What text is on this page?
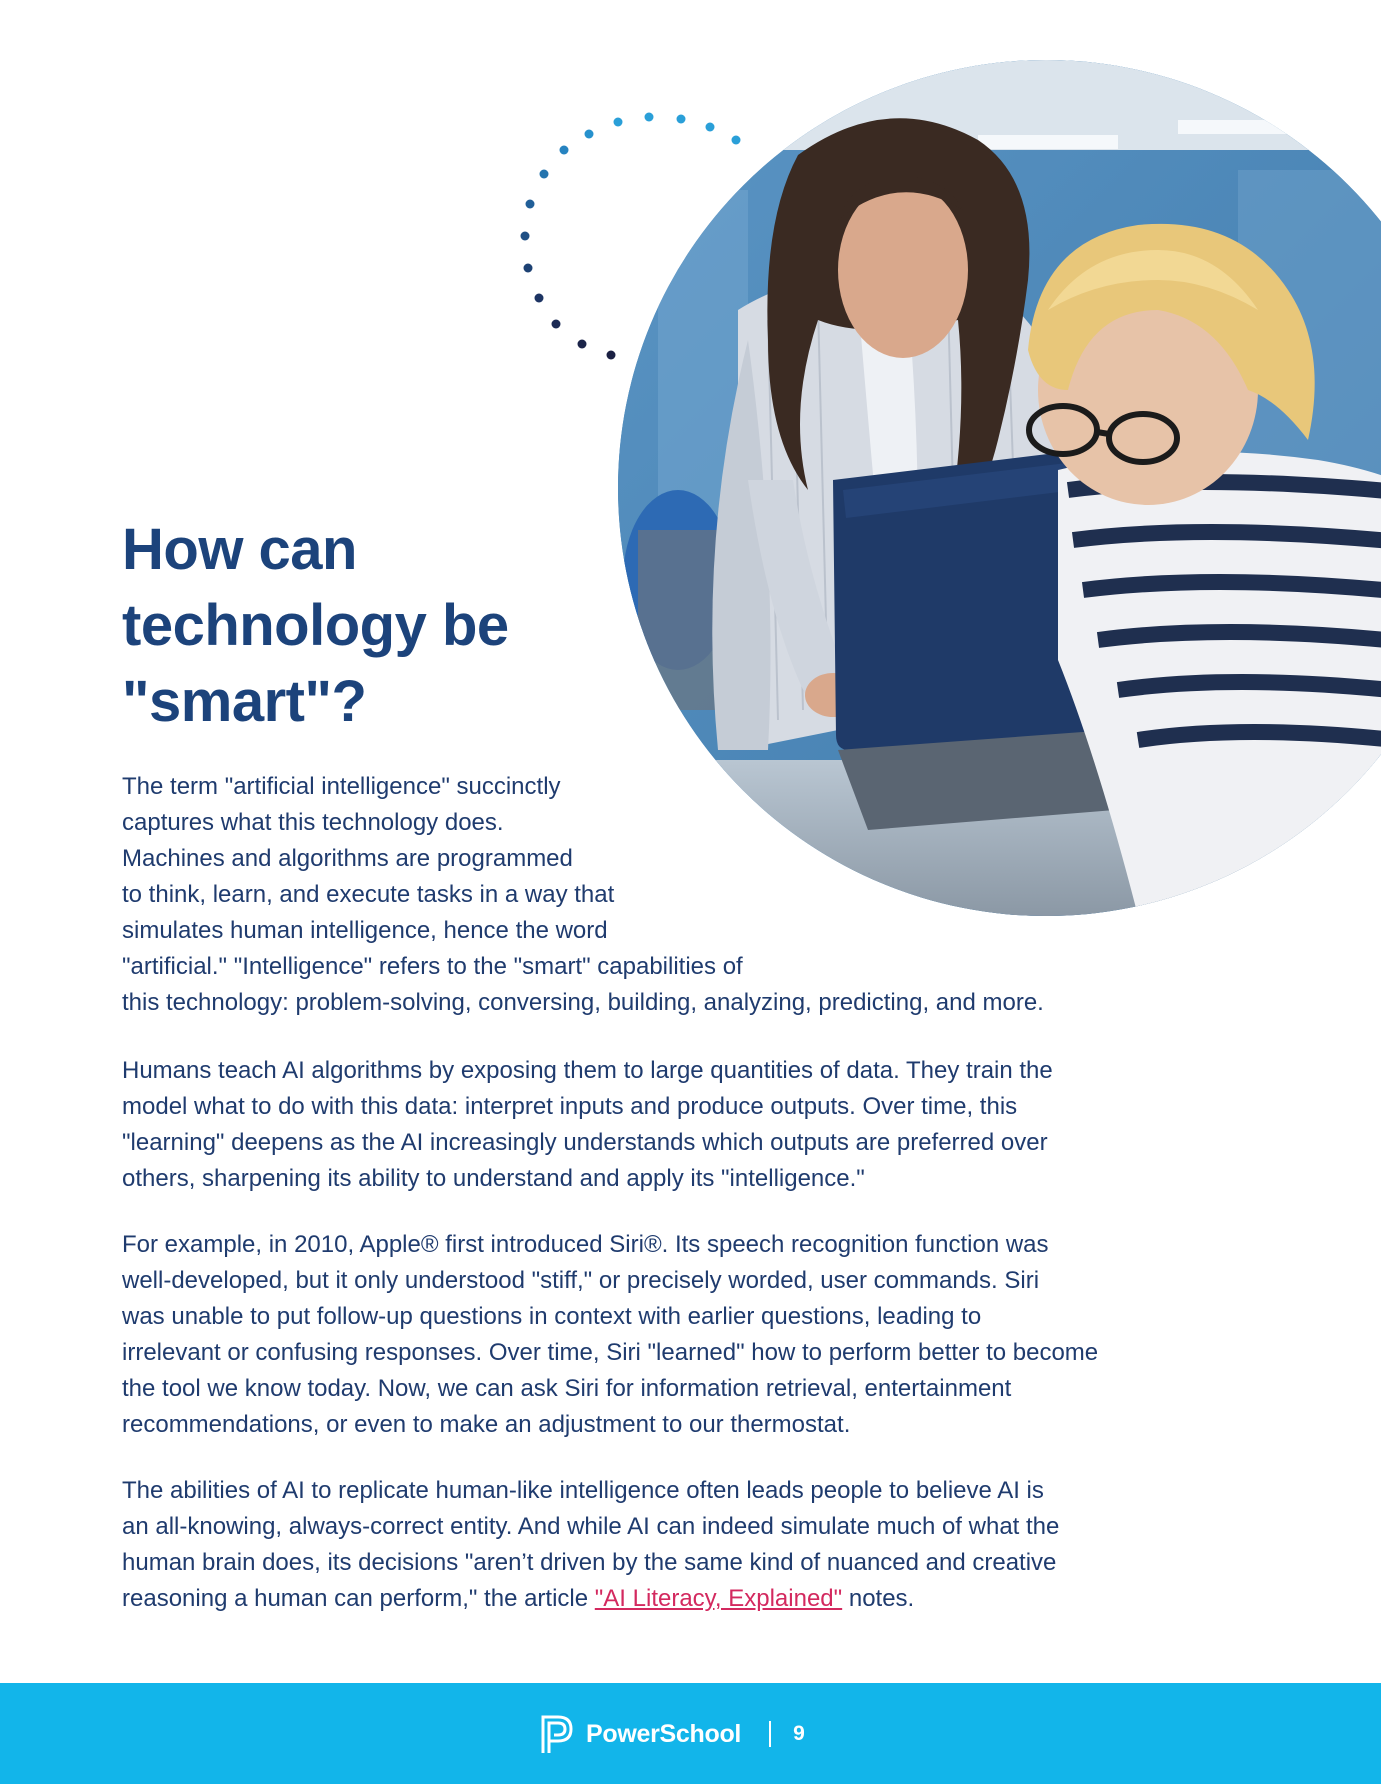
How can
technology be
"smart"?

The term "artificial intelligence" succinctly
captures what this technology does.
Machines and algorithms are programmed
to think, learn, and execute tasks in a way that
simulates human intelligence, hence the word
"artificial." "Intelligence" refers to the "smart" capabilities of
this technology: problem-solving, conversing, building, analyzing, predicting, and more.

Humans teach AI algorithms by exposing them to large quantities of data. They train the
model what to do with this data: interpret inputs and produce outputs. Over time, this
"learning" deepens as the AI increasingly understands which outputs are preferred over
others, sharpening its ability to understand and apply its "intelligence."

For example, in 2010, Apple® first introduced Siri®. Its speech recognition function was
well-developed, but it only understood "stiff," or precisely worded, user commands. Siri
was unable to put follow-up questions in context with earlier questions, leading to
irrelevant or confusing responses. Over time, Siri "learned" how to perform better to become
the tool we know today. Now, we can ask Siri for information retrieval, entertainment
recommendations, or even to make an adjustment to our thermostat.

The abilities of AI to replicate human-like intelligence often leads people to believe AI is
an all-knowing, always-correct entity. And while AI can indeed simulate much of what the
human brain does, its decisions "aren’t driven by the same kind of nuanced and creative
reasoning a human can perform," the article "AI Literacy, Explained" notes.

PowerSchool 9
